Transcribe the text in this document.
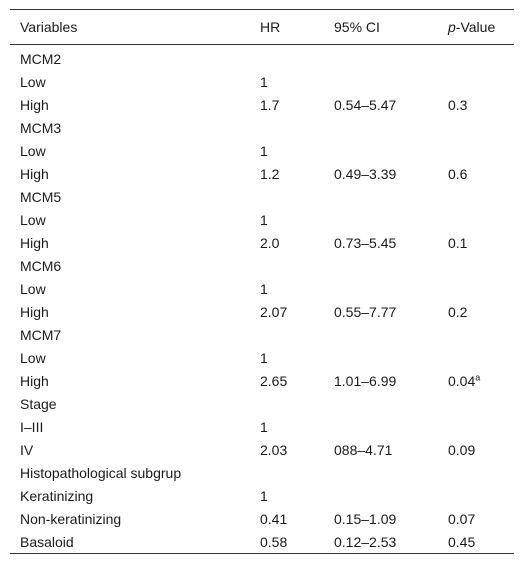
Variables	HR	95% CI	p-Value
MCM2			
Low	1		
High	1.7	0.54–5.47	0.3
MCM3			
Low	1		
High	1.2	0.49–3.39	0.6
MCM5			
Low	1		
High	2.0	0.73–5.45	0.1
MCM6			
Low	1		
High	2.07	0.55–7.77	0.2
MCM7			
Low	1		
High	2.65	1.01–6.99	0.04$^a$
Stage			
I–III	1		
IV	2.03	088–4.71	0.09
Histopathological subgrup			
Keratinizing	1		
Non-keratinizing	0.41	0.15–1.09	0.07
Basaloid	0.58	0.12–2.53	0.45
